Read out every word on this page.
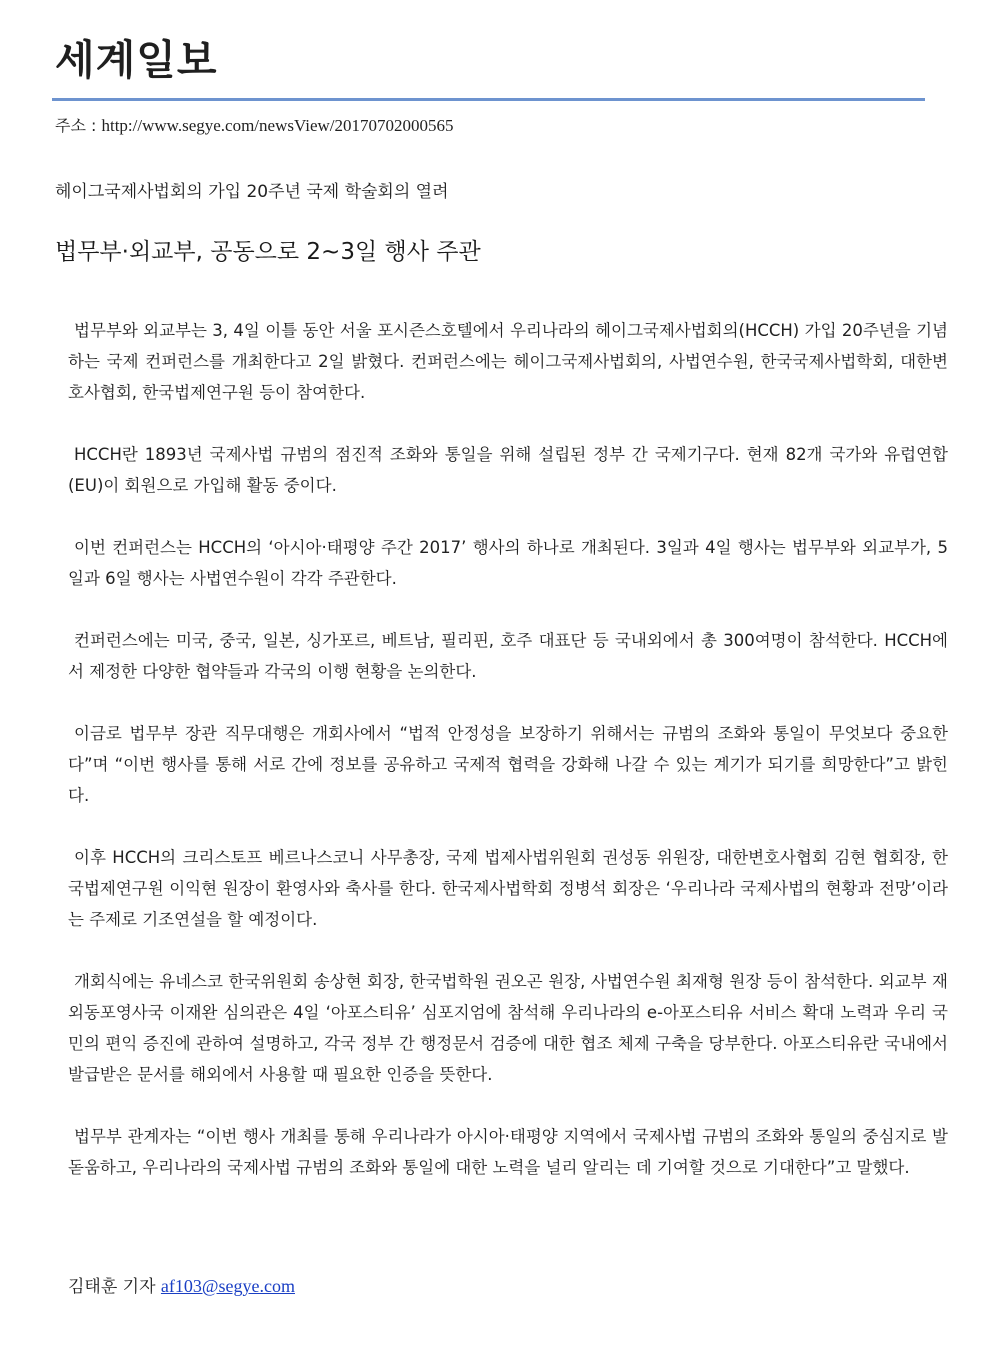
세계일보
주소 : http://www.segye.com/newsView/20170702000565
헤이그국제사법회의 가입 20주년 국제 학술회의 열려
법무부·외교부, 공동으로 2~3일 행사 주관

법무부와 외교부는 3, 4일 이틀 동안 서울 포시즌스호텔에서 우리나라의 헤이그국제사법회의(HCCH) 가입 20주년을 기념하는 국제 컨퍼런스를 개최한다고 2일 밝혔다. 컨퍼런스에는 헤이그국제사법회의, 사법연수원, 한국국제사법학회, 대한변호사협회, 한국법제연구원 등이 참여한다.

HCCH란 1893년 국제사법 규범의 점진적 조화와 통일을 위해 설립된 정부 간 국제기구다. 현재 82개 국가와 유럽연합(EU)이 회원으로 가입해 활동 중이다.

이번 컨퍼런스는 HCCH의 ‘아시아·태평양 주간 2017’ 행사의 하나로 개최된다. 3일과 4일 행사는 법무부와 외교부가, 5일과 6일 행사는 사법연수원이 각각 주관한다.

컨퍼런스에는 미국, 중국, 일본, 싱가포르, 베트남, 필리핀, 호주 대표단 등 국내외에서 총 300여명이 참석한다. HCCH에서 제정한 다양한 협약들과 각국의 이행 현황을 논의한다.

이금로 법무부 장관 직무대행은 개회사에서 “법적 안정성을 보장하기 위해서는 규범의 조화와 통일이 무엇보다 중요한다”며 “이번 행사를 통해 서로 간에 정보를 공유하고 국제적 협력을 강화해 나갈 수 있는 계기가 되기를 희망한다”고 밝힌다.

이후 HCCH의 크리스토프 베르나스코니 사무총장, 국제 법제사법위원회 권성동 위원장, 대한변호사협회 김현 협회장, 한국법제연구원 이익현 원장이 환영사와 축사를 한다. 한국제사법학회 정병석 회장은 ‘우리나라 국제사법의 현황과 전망’이라는 주제로 기조연설을 할 예정이다.

개회식에는 유네스코 한국위원회 송상현 회장, 한국법학원 권오곤 원장, 사법연수원 최재형 원장 등이 참석한다. 외교부 재외동포영사국 이재완 심의관은 4일 ‘아포스티유’ 심포지엄에 참석해 우리나라의 e-아포스티유 서비스 확대 노력과 우리 국민의 편익 증진에 관하여 설명하고, 각국 정부 간 행정문서 검증에 대한 협조 체제 구축을 당부한다. 아포스티유란 국내에서 발급받은 문서를 해외에서 사용할 때 필요한 인증을 뜻한다.

법무부 관계자는 “이번 행사 개최를 통해 우리나라가 아시아·태평양 지역에서 국제사법 규범의 조화와 통일의 중심지로 발돋움하고, 우리나라의 국제사법 규범의 조화와 통일에 대한 노력을 널리 알리는 데 기여할 것으로 기대한다”고 말했다.

김태훈 기자 af103@segye.com
